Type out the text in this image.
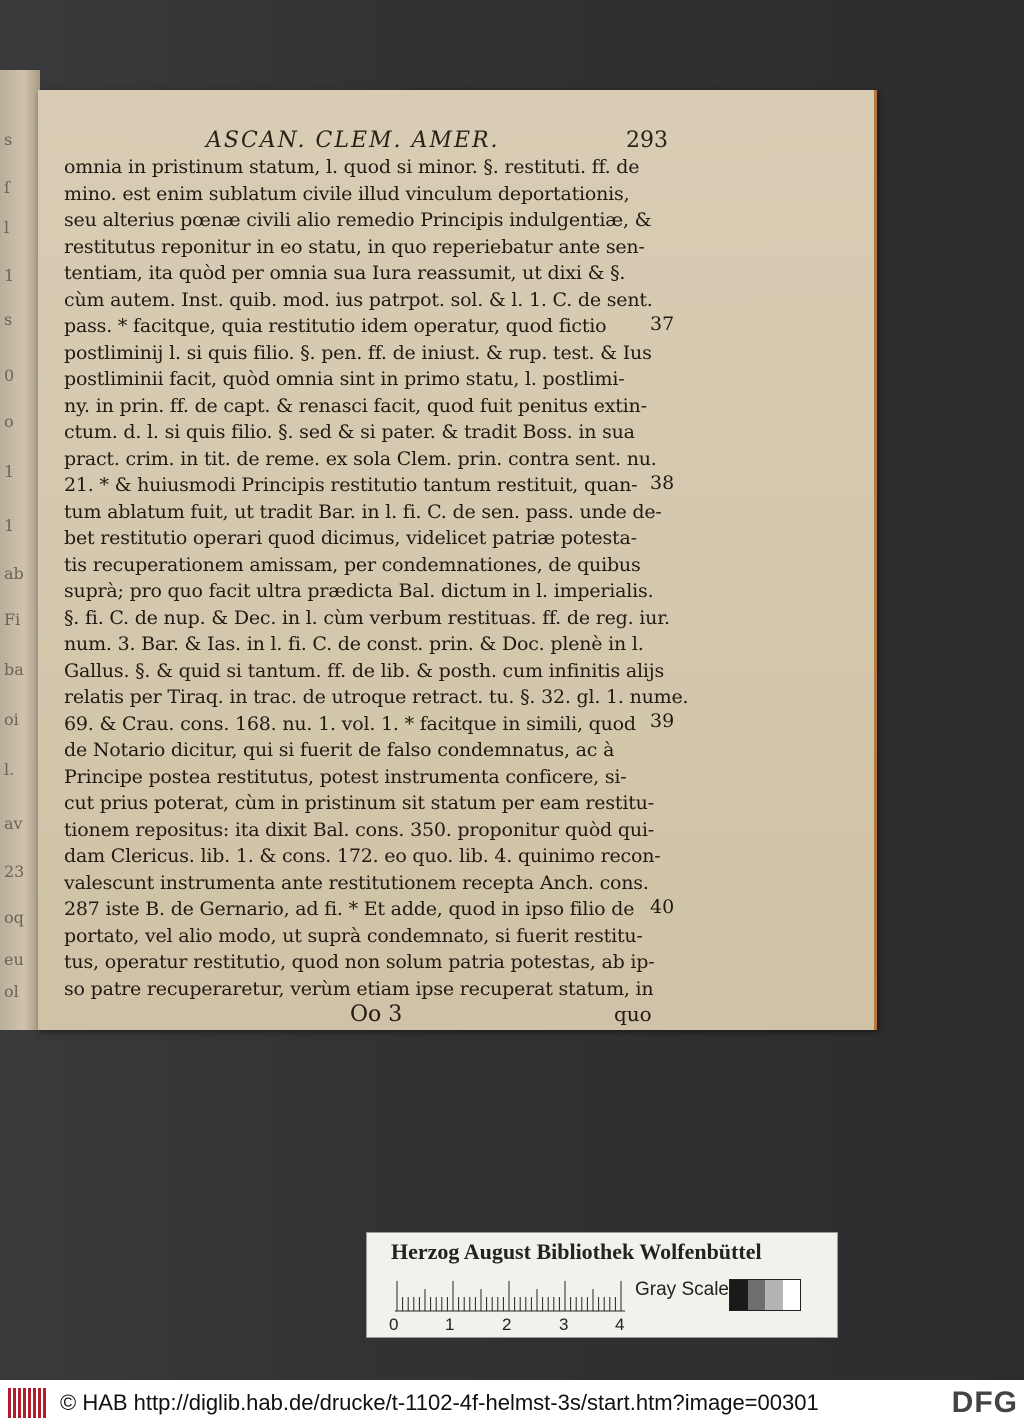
s
ſ
l
1
s
0
o
1
1
ab
Fi
ba
oi
l.
av
23
oq
eu
ol
ASCAN. CLEM. AMER.	293
omnia in pristinum statum, l. quod si minor. §. restituti. ff. de
mino. est enim sublatum civile illud vinculum deportationis,
seu alterius pœnæ civili alio remedio Principis indulgentiæ, &
restitutus reponitur in eo statu, in quo reperiebatur ante sen-
tentiam, ita quòd per omnia sua Iura reassumit, ut dixi & §.
cùm autem. Inst. quib. mod. ius patrpot. sol. & l. 1. C. de sent.
pass. * facitque, quia restitutio idem operatur, quod fictio
postliminij l. si quis filio. §. pen. ff. de iniust. & rup. test. & Ius
postliminii facit, quòd omnia sint in primo statu, l. postlimi-
ny. in prin. ff. de capt. & renasci facit, quod fuit penitus extin-
ctum. d. l. si quis filio. §. sed & si pater. & tradit Boss. in sua
pract. crim. in tit. de reme. ex sola Clem. prin. contra sent. nu.
21. * & huiusmodi Principis restitutio tantum restituit, quan-
tum ablatum fuit, ut tradit Bar. in l. fi. C. de sen. pass. unde de-
bet restitutio operari quod dicimus, videlicet patriæ potesta-
tis recuperationem amissam, per condemnationes, de quibus
suprà; pro quo facit ultra prædicta Bal. dictum in l. imperialis.
§. fi. C. de nup. & Dec. in l. cùm verbum restituas. ff. de reg. iur.
num. 3. Bar. & Ias. in l. fi. C. de const. prin. & Doc. plenè in l.
Gallus. §. & quid si tantum. ff. de lib. & posth. cum infinitis alijs
relatis per Tiraq. in trac. de utroque retract. tu. §. 32. gl. 1. nume.
69. & Crau. cons. 168. nu. 1. vol. 1. * facitque in simili, quod
de Notario dicitur, qui si fuerit de falso condemnatus, ac à
Principe postea restitutus, potest instrumenta conficere, si-
cut prius poterat, cùm in pristinum sit statum per eam restitu-
tionem repositus: ita dixit Bal. cons. 350. proponitur quòd qui-
dam Clericus. lib. 1. & cons. 172. eo quo. lib. 4. quinimo recon-
valescunt instrumenta ante restitutionem recepta Anch. cons.
287 iste B. de Gernario, ad fi. * Et adde, quod in ipso filio de
portato, vel alio modo, ut suprà condemnato, si fuerit restitu-
tus, operatur restitutio, quod non solum patria potestas, ab ip-
so patre recuperaretur, verùm etiam ipse recuperat statum, in
37
38
39
40
Oo 3	quo
Herzog August Bibliothek Wolfenbüttel
0	1	2	3	4
Gray Scale
© HAB http://diglib.hab.de/drucke/t-1102-4f-helmst-3s/start.htm?image=00301	DFG
